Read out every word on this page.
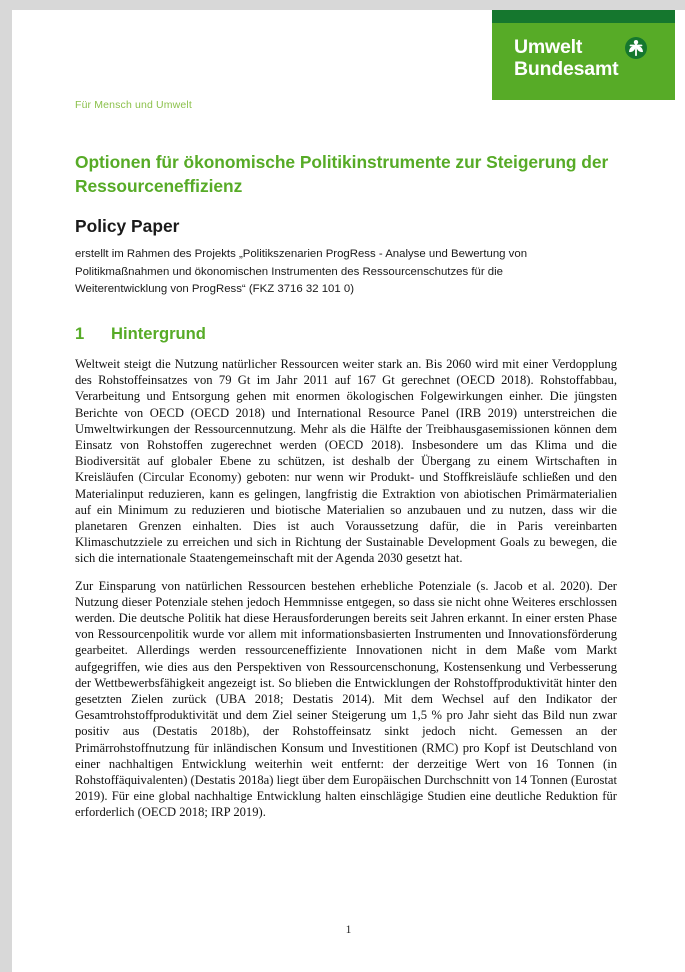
Umwelt
Bundesamt
Für Mensch und Umwelt
Optionen für ökonomische Politikinstrumente zur Steigerung der Ressourceneffizienz
Policy Paper

erstellt im Rahmen des Projekts „Politikszenarien ProgRess - Analyse und Bewertung von Politikmaßnahmen und ökonomischen Instrumenten des Ressourcenschutzes für die Weiterentwicklung von ProgRess“ (FKZ 3716 32 101 0)

1	Hintergrund

Weltweit steigt die Nutzung natürlicher Ressourcen weiter stark an. Bis 2060 wird mit einer Verdopplung des Rohstoffeinsatzes von 79 Gt im Jahr 2011 auf 167 Gt gerechnet (OECD 2018). Rohstoffabbau, Verarbeitung und Entsorgung gehen mit enormen ökologischen Folgewirkungen einher. Die jüngsten Berichte von OECD (OECD 2018) und International Resource Panel (IRB 2019) unterstreichen die Umweltwirkungen der Ressourcennutzung. Mehr als die Hälfte der Treibhausgasemissionen können dem Einsatz von Rohstoffen zugerechnet werden (OECD 2018). Insbesondere um das Klima und die Biodiversität auf globaler Ebene zu schützen, ist deshalb der Übergang zu einem Wirtschaften in Kreisläufen (Circular Economy) geboten: nur wenn wir Produkt- und Stoffkreisläufe schließen und den Materialinput reduzieren, kann es gelingen, langfristig die Extraktion von abiotischen Primärmaterialien auf ein Minimum zu reduzieren und biotische Materialien so anzubauen und zu nutzen, dass wir die planetaren Grenzen einhalten. Dies ist auch Voraussetzung dafür, die in Paris vereinbarten Klimaschutzziele zu erreichen und sich in Richtung der Sustainable Development Goals zu bewegen, die sich die internationale Staatengemeinschaft mit der Agenda 2030 gesetzt hat.

Zur Einsparung von natürlichen Ressourcen bestehen erhebliche Potenziale (s. Jacob et al. 2020). Der Nutzung dieser Potenziale stehen jedoch Hemmnisse entgegen, so dass sie nicht ohne Weiteres erschlossen werden. Die deutsche Politik hat diese Herausforderungen bereits seit Jahren erkannt. In einer ersten Phase von Ressourcenpolitik wurde vor allem mit informationsbasierten Instrumenten und Innovationsförderung gearbeitet. Allerdings werden ressourceneffiziente Innovationen nicht in dem Maße vom Markt aufgegriffen, wie dies aus den Perspektiven von Ressourcenschonung, Kostensenkung und Verbesserung der Wettbewerbsfähigkeit angezeigt ist. So blieben die Entwicklungen der Rohstoffproduktivität hinter den gesetzten Zielen zurück (UBA 2018; Destatis 2014). Mit dem Wechsel auf den Indikator der Gesamtrohstoffproduktivität und dem Ziel seiner Steigerung um 1,5 % pro Jahr sieht das Bild nun zwar positiv aus (Destatis 2018b), der Rohstoffeinsatz sinkt jedoch nicht. Gemessen an der Primärrohstoffnutzung für inländischen Konsum und Investitionen (RMC) pro Kopf ist Deutschland von einer nachhaltigen Entwicklung weiterhin weit entfernt: der derzeitige Wert von 16 Tonnen (in Rohstoffäquivalenten) (Destatis 2018a) liegt über dem Europäischen Durchschnitt von 14 Tonnen (Eurostat 2019). Für eine global nachhaltige Entwicklung halten einschlägige Studien eine deutliche Reduktion für erforderlich (OECD 2018; IRP 2019).

1
